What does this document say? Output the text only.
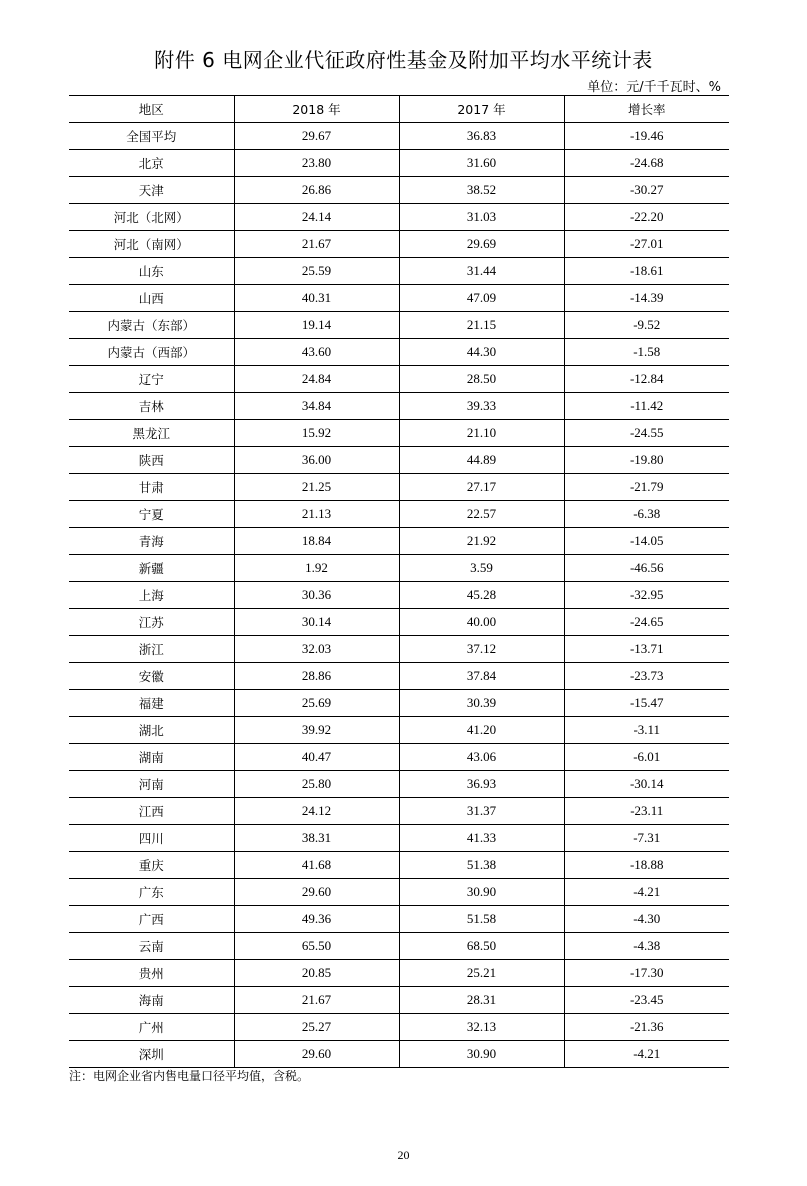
附件 6 电网企业代征政府性基金及附加平均水平统计表
单位：元/千千瓦时、%
地区	2018 年	2017 年	增长率
全国平均	29.67	36.83	-19.46
北京	23.80	31.60	-24.68
天津	26.86	38.52	-30.27
河北（北网）	24.14	31.03	-22.20
河北（南网）	21.67	29.69	-27.01
山东	25.59	31.44	-18.61
山西	40.31	47.09	-14.39
内蒙古（东部）	19.14	21.15	-9.52
内蒙古（西部）	43.60	44.30	-1.58
辽宁	24.84	28.50	-12.84
吉林	34.84	39.33	-11.42
黑龙江	15.92	21.10	-24.55
陕西	36.00	44.89	-19.80
甘肃	21.25	27.17	-21.79
宁夏	21.13	22.57	-6.38
青海	18.84	21.92	-14.05
新疆	1.92	3.59	-46.56
上海	30.36	45.28	-32.95
江苏	30.14	40.00	-24.65
浙江	32.03	37.12	-13.71
安徽	28.86	37.84	-23.73
福建	25.69	30.39	-15.47
湖北	39.92	41.20	-3.11
湖南	40.47	43.06	-6.01
河南	25.80	36.93	-30.14
江西	24.12	31.37	-23.11
四川	38.31	41.33	-7.31
重庆	41.68	51.38	-18.88
广东	29.60	30.90	-4.21
广西	49.36	51.58	-4.30
云南	65.50	68.50	-4.38
贵州	20.85	25.21	-17.30
海南	21.67	28.31	-23.45
广州	25.27	32.13	-21.36
深圳	29.60	30.90	-4.21
注：电网企业省内售电量口径平均值，含税。
20
